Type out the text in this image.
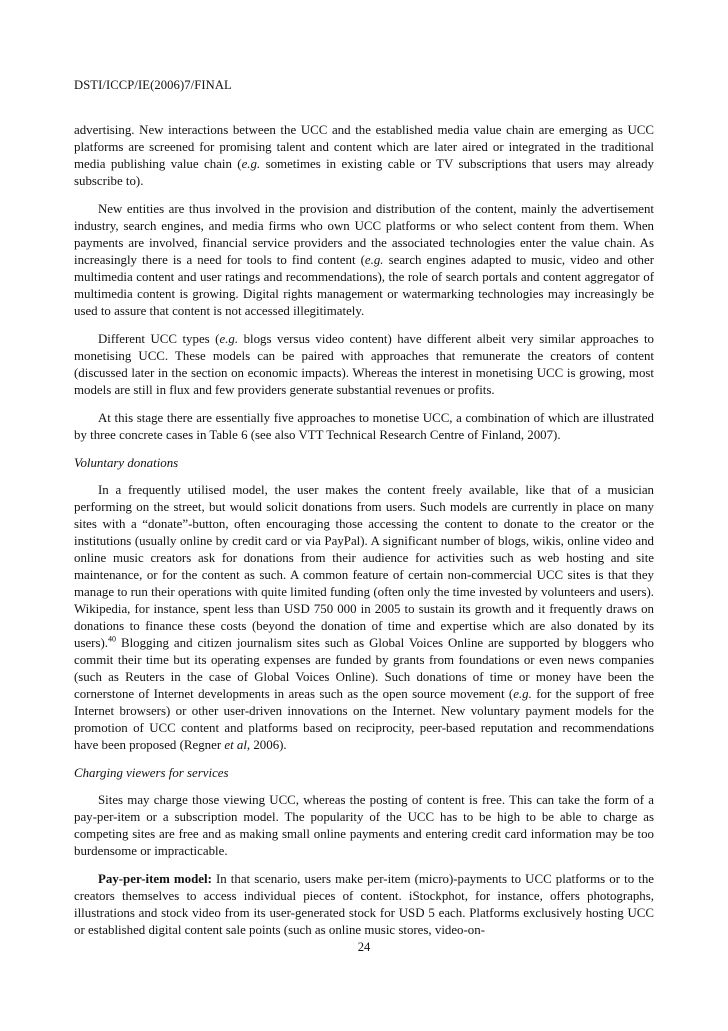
DSTI/ICCP/IE(2006)7/FINAL

advertising. New interactions between the UCC and the established media value chain are emerging as UCC platforms are screened for promising talent and content which are later aired or integrated in the traditional media publishing value chain (e.g. sometimes in existing cable or TV subscriptions that users may already subscribe to).

New entities are thus involved in the provision and distribution of the content, mainly the advertisement industry, search engines, and media firms who own UCC platforms or who select content from them. When payments are involved, financial service providers and the associated technologies enter the value chain. As increasingly there is a need for tools to find content (e.g. search engines adapted to music, video and other multimedia content and user ratings and recommendations), the role of search portals and content aggregator of multimedia content is growing. Digital rights management or watermarking technologies may increasingly be used to assure that content is not accessed illegitimately.

Different UCC types (e.g. blogs versus video content) have different albeit very similar approaches to monetising UCC. These models can be paired with approaches that remunerate the creators of content (discussed later in the section on economic impacts). Whereas the interest in monetising UCC is growing, most models are still in flux and few providers generate substantial revenues or profits.

At this stage there are essentially five approaches to monetise UCC, a combination of which are illustrated by three concrete cases in Table 6 (see also VTT Technical Research Centre of Finland, 2007).

Voluntary donations

In a frequently utilised model, the user makes the content freely available, like that of a musician performing on the street, but would solicit donations from users. Such models are currently in place on many sites with a “donate”-button, often encouraging those accessing the content to donate to the creator or the institutions (usually online by credit card or via PayPal). A significant number of blogs, wikis, online video and online music creators ask for donations from their audience for activities such as web hosting and site maintenance, or for the content as such. A common feature of certain non-commercial UCC sites is that they manage to run their operations with quite limited funding (often only the time invested by volunteers and users). Wikipedia, for instance, spent less than USD 750 000 in 2005 to sustain its growth and it frequently draws on donations to finance these costs (beyond the donation of time and expertise which are also donated by its users).$^{40}$ Blogging and citizen journalism sites such as Global Voices Online are supported by bloggers who commit their time but its operating expenses are funded by grants from foundations or even news companies (such as Reuters in the case of Global Voices Online). Such donations of time or money have been the cornerstone of Internet developments in areas such as the open source movement (e.g. for the support of free Internet browsers) or other user-driven innovations on the Internet. New voluntary payment models for the promotion of UCC content and platforms based on reciprocity, peer-based reputation and recommendations have been proposed (Regner et al, 2006).

Charging viewers for services

Sites may charge those viewing UCC, whereas the posting of content is free. This can take the form of a pay-per-item or a subscription model. The popularity of the UCC has to be high to be able to charge as competing sites are free and as making small online payments and entering credit card information may be too burdensome or impracticable.

Pay-per-item model: In that scenario, users make per-item (micro)-payments to UCC platforms or to the creators themselves to access individual pieces of content. iStockphot, for instance, offers photographs, illustrations and stock video from its user-generated stock for USD 5 each. Platforms exclusively hosting UCC or established digital content sale points (such as online music stores, video-on-

24
